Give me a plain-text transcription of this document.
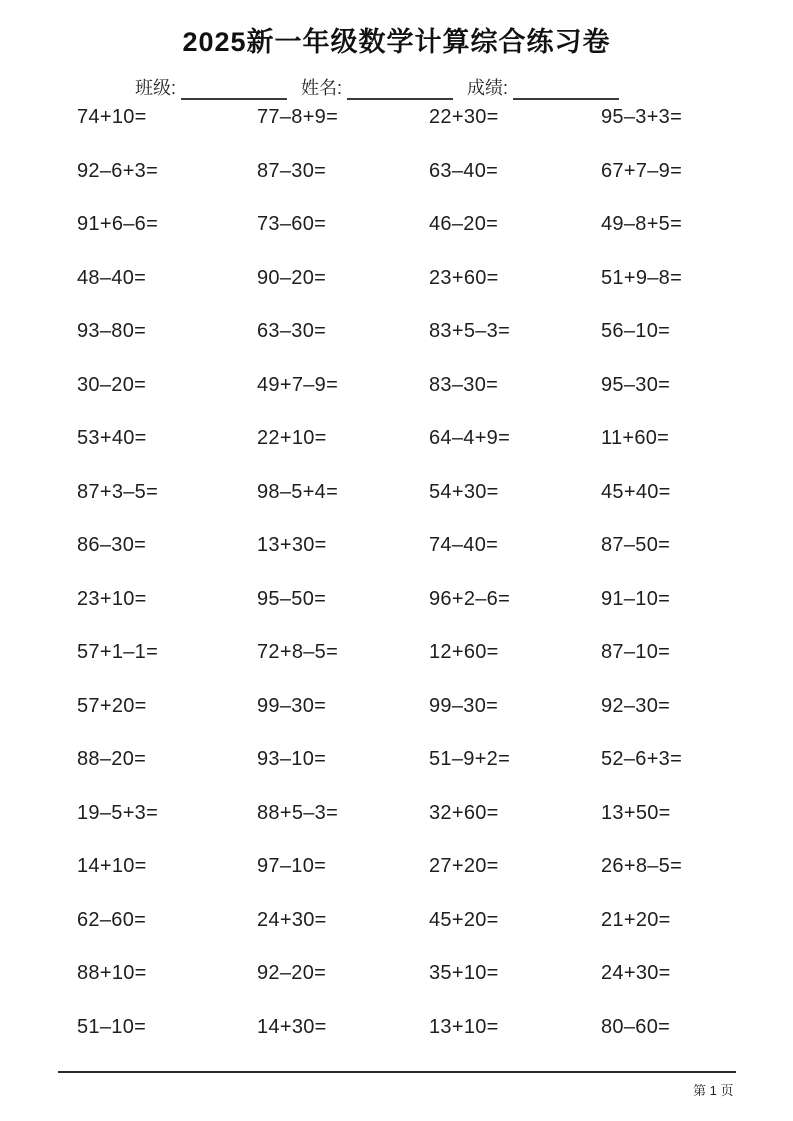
2025新一年级数学计算综合练习卷
班级:	姓名:	成绩:
74+10=	77–8+9=	22+30=	95–3+3=
92–6+3=	87–30=	63–40=	67+7–9=
91+6–6=	73–60=	46–20=	49–8+5=
48–40=	90–20=	23+60=	51+9–8=
93–80=	63–30=	83+5–3=	56–10=
30–20=	49+7–9=	83–30=	95–30=
53+40=	22+10=	64–4+9=	11+60=
87+3–5=	98–5+4=	54+30=	45+40=
86–30=	13+30=	74–40=	87–50=
23+10=	95–50=	96+2–6=	91–10=
57+1–1=	72+8–5=	12+60=	87–10=
57+20=	99–30=	99–30=	92–30=
88–20=	93–10=	51–9+2=	52–6+3=
19–5+3=	88+5–3=	32+60=	13+50=
14+10=	97–10=	27+20=	26+8–5=
62–60=	24+30=	45+20=	21+20=
88+10=	92–20=	35+10=	24+30=
51–10=	14+30=	13+10=	80–60=
第 1 页
